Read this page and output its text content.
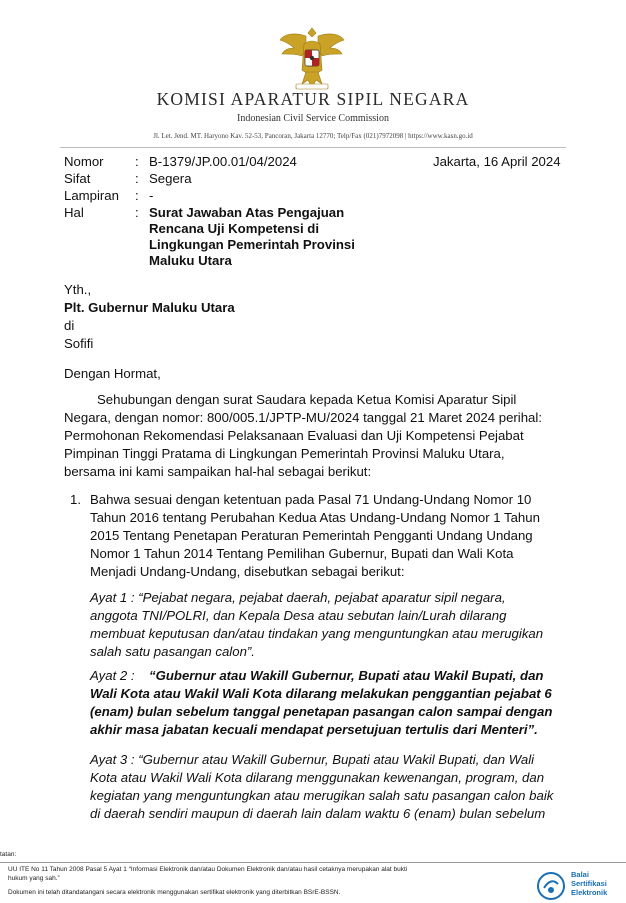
KOMISI APARATUR SIPIL NEGARA
Indonesian Civil Service Commission
Jl. Let. Jend. MT. Haryono Kav. 52-53, Pancoran, Jakarta 12770; Telp/Fax (021)7972098 | https://www.kasn.go.id
Nomor : B-1379/JP.00.01/04/2024	Jakarta, 16 April 2024
Sifat	: Segera
Lampiran : -
Hal	: Surat Jawaban Atas Pengajuan
Rencana Uji Kompetensi di
Lingkungan Pemerintah Provinsi
Maluku Utara
Yth.,
Plt. Gubernur Maluku Utara
di
Sofifi
Dengan Hormat,
Sehubungan dengan surat Saudara kepada Ketua Komisi Aparatur Sipil
Negara, dengan nomor: 800/005.1/JPTP-MU/2024 tanggal 21 Maret 2024 perihal:
Permohonan Rekomendasi Pelaksanaan Evaluasi dan Uji Kompetensi Pejabat
Pimpinan Tinggi Pratama di Lingkungan Pemerintah Provinsi Maluku Utara,
bersama ini kami sampaikan hal-hal sebagai berikut:
1. Bahwa sesuai dengan ketentuan pada Pasal 71 Undang-Undang Nomor 10
Tahun 2016 tentang Perubahan Kedua Atas Undang-Undang Nomor 1 Tahun
2015 Tentang Penetapan Peraturan Pemerintah Pengganti Undang Undang
Nomor 1 Tahun 2014 Tentang Pemilihan Gubernur, Bupati dan Wali Kota
Menjadi Undang-Undang, disebutkan sebagai berikut:
Ayat 1 : “Pejabat negara, pejabat daerah, pejabat aparatur sipil negara,
anggota TNI/POLRI, dan Kepala Desa atau sebutan lain/Lurah dilarang
membuat keputusan dan/atau tindakan yang menguntungkan atau merugikan
salah satu pasangan calon”.
Ayat 2 : “Gubernur atau Wakill Gubernur, Bupati atau Wakil Bupati, dan
Wali Kota atau Wakil Wali Kota dilarang melakukan penggantian pejabat 6
(enam) bulan sebelum tanggal penetapan pasangan calon sampai dengan
akhir masa jabatan kecuali mendapat persetujuan tertulis dari Menteri”.
Ayat 3 : “Gubernur atau Wakill Gubernur, Bupati atau Wakil Bupati, dan Wali
Kota atau Wakil Wali Kota dilarang menggunakan kewenangan, program, dan
kegiatan yang menguntungkan atau merugikan salah satu pasangan calon baik
di daerah sendiri maupun di daerah lain dalam waktu 6 (enam) bulan sebelum
tatan:
UU ITE No 11 Tahun 2008 Pasal 5 Ayat 1 “Informasi Elektronik dan/atau Dokumen Elektronik dan/atau hasil cetaknya merupakan alat bukti
hukum yang sah.”
Dokumen ini telah ditandatangani secara elektronik menggunakan sertifikat elektronik yang diterbitkan BSrE-BSSN.
Balai
Sertifikasi
Elektronik
